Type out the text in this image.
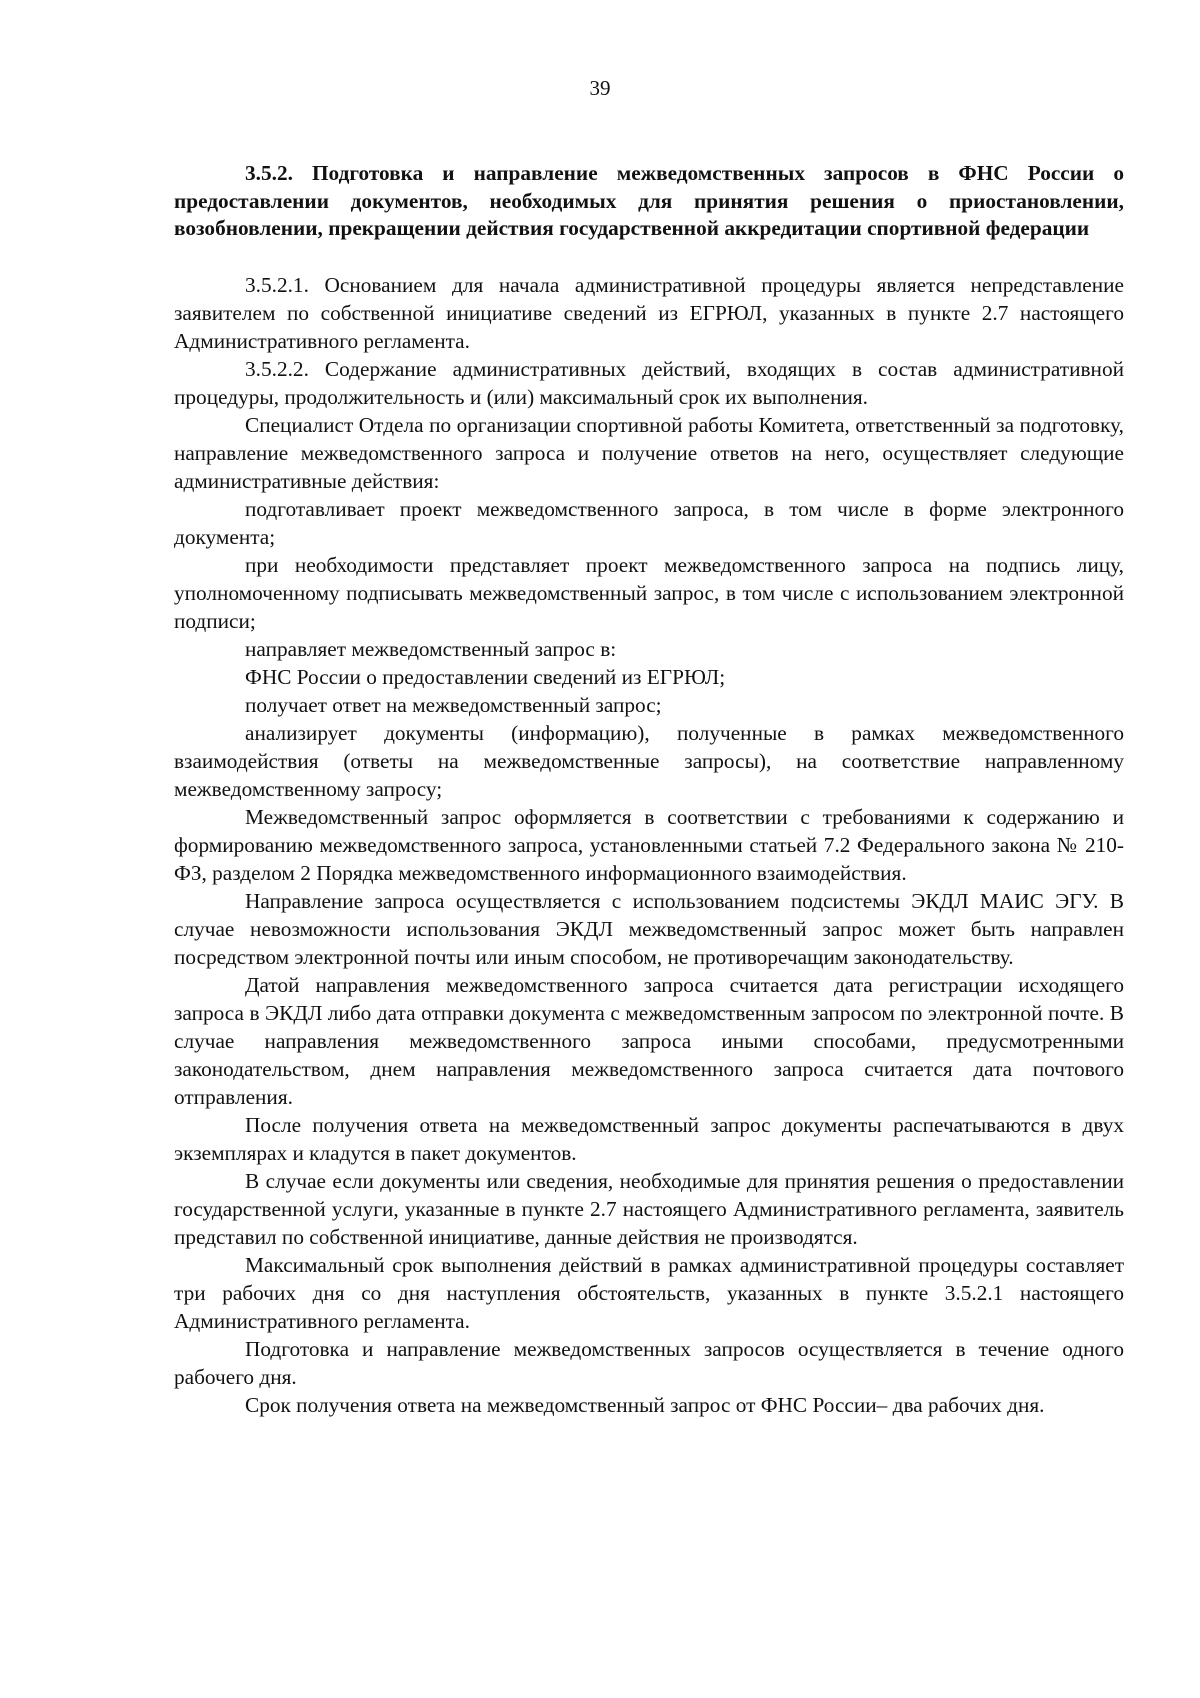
39

3.5.2. Подготовка и направление межведомственных запросов в ФНС России о предоставлении документов, необходимых для принятия решения о приостановлении, возобновлении, прекращении действия государственной аккредитации спортивной федерации

3.5.2.1. Основанием для начала административной процедуры является непредставление заявителем по собственной инициативе сведений из ЕГРЮЛ, указанных в пункте 2.7 настоящего Административного регламента.

3.5.2.2. Содержание административных действий, входящих в состав административной процедуры, продолжительность и (или) максимальный срок их выполнения.

Специалист Отдела по организации спортивной работы Комитета, ответственный за подготовку, направление межведомственного запроса и получение ответов на него, осуществляет следующие административные действия:

подготавливает проект межведомственного запроса, в том числе в форме электронного документа;

при необходимости представляет проект межведомственного запроса на подпись лицу, уполномоченному подписывать межведомственный запрос, в том числе с использованием электронной подписи;

направляет межведомственный запрос в:

ФНС России о предоставлении сведений из ЕГРЮЛ;

получает ответ на межведомственный запрос;

анализирует документы (информацию), полученные в рамках межведомственного взаимодействия (ответы на межведомственные запросы), на соответствие направленному межведомственному запросу;

Межведомственный запрос оформляется в соответствии с требованиями к содержанию и формированию межведомственного запроса, установленными статьей 7.2 Федерального закона № 210-ФЗ, разделом 2 Порядка межведомственного информационного взаимодействия.

Направление запроса осуществляется с использованием подсистемы ЭКДЛ МАИС ЭГУ. В случае невозможности использования ЭКДЛ межведомственный запрос может быть направлен посредством электронной почты или иным способом, не противоречащим законодательству.

Датой направления межведомственного запроса считается дата регистрации исходящего запроса в ЭКДЛ либо дата отправки документа с межведомственным запросом по электронной почте. В случае направления межведомственного запроса иными способами, предусмотренными законодательством, днем направления межведомственного запроса считается дата почтового отправления.

После получения ответа на межведомственный запрос документы распечатываются в двух экземплярах и кладутся в пакет документов.

В случае если документы или сведения, необходимые для принятия решения о предоставлении государственной услуги, указанные в пункте 2.7 настоящего Административного регламента, заявитель представил по собственной инициативе, данные действия не производятся.

Максимальный срок выполнения действий в рамках административной процедуры составляет три рабочих дня со дня наступления обстоятельств, указанных в пункте 3.5.2.1 настоящего Административного регламента.

Подготовка и направление межведомственных запросов осуществляется в течение одного рабочего дня.

Срок получения ответа на межведомственный запрос от ФНС России– два рабочих дня.
